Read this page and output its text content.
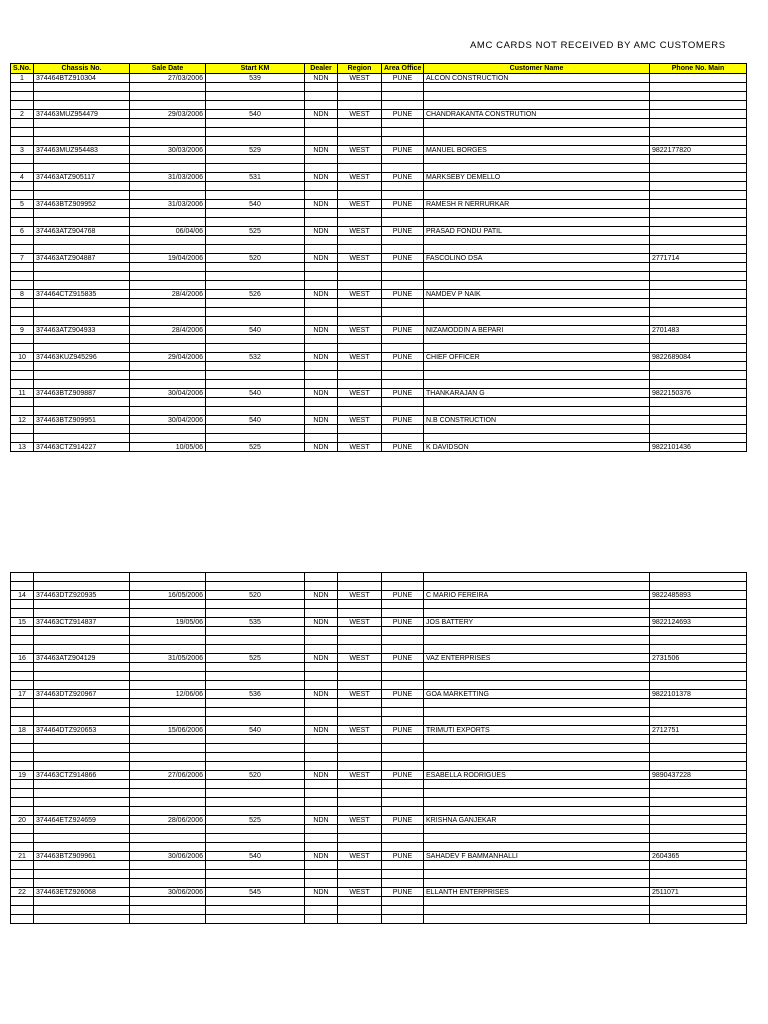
AMC CARDS NOT RECEIVED BY AMC CUSTOMERS
S.No.	Chassis No.	Sale Date	Start KM	Dealer	Region	Area Office	Customer Name	Phone No. Main
1	374464BTZ910304	27/03/2006	539	NDN	WEST	PUNE	ALCON CONSTRUCTION	

2	374463MUZ954479	29/03/2006	540	NDN	WEST	PUNE	CHANDRAKANTA CONSTRUTION	

3	374463MUZ954483	30/03/2006	529	NDN	WEST	PUNE	MANUEL BORGES	9822177820

4	374463ATZ905117	31/03/2006	531	NDN	WEST	PUNE	MARKSEBY DEMELLO	

5	374463BTZ909952	31/03/2006	540	NDN	WEST	PUNE	RAMESH R NERRURKAR	

6	374463ATZ904768	06/04/06	525	NDN	WEST	PUNE	PRASAD FONDU PATIL	

7	374463ATZ904887	19/04/2006	520	NDN	WEST	PUNE	FASCOLINO DSA	2771714

8	374464CTZ915835	28/4/2006	526	NDN	WEST	PUNE	NAMDEV P NAIK	

9	374463ATZ904933	28/4/2006	540	NDN	WEST	PUNE	NIZAMODDIN A BEPARI	2701483

10	374463KUZ945296	29/04/2006	532	NDN	WEST	PUNE	CHIEF OFFICER	9822689084

11	374463BTZ909887	30/04/2006	540	NDN	WEST	PUNE	THANKARAJAN G	9822150376

12	374463BTZ909951	30/04/2006	540	NDN	WEST	PUNE	N.B CONSTRUCTION	

13	374463CTZ914227	10/05/06	525	NDN	WEST	PUNE	K DAVIDSON	9822101436

14	374463DTZ920935	16/05/2006	520	NDN	WEST	PUNE	C MARIO FEREIRA	9822485893

15	374463CTZ914837	19/05/06	535	NDN	WEST	PUNE	JOS BATTERY	9822124693

16	374463ATZ904129	31/05/2006	525	NDN	WEST	PUNE	VAZ ENTERPRISES	2731506

17	374463DTZ920967	12/06/06	536	NDN	WEST	PUNE	GOA MARKETTING	9822101378

18	374464DTZ920653	15/06/2006	540	NDN	WEST	PUNE	TRIMUTI EXPORTS	2712751

19	374463CTZ914866	27/06/2006	520	NDN	WEST	PUNE	ESABELLA RODRIGUES	9890437228

20	374464ETZ924659	28/06/2006	525	NDN	WEST	PUNE	KRISHNA GANJEKAR	

21	374463BTZ909961	30/06/2006	540	NDN	WEST	PUNE	SAHADEV F BAMMANHALLI	2604365

22	374463ETZ926068	30/06/2006	545	NDN	WEST	PUNE	ELLANTH ENTERPRISES	2511071
